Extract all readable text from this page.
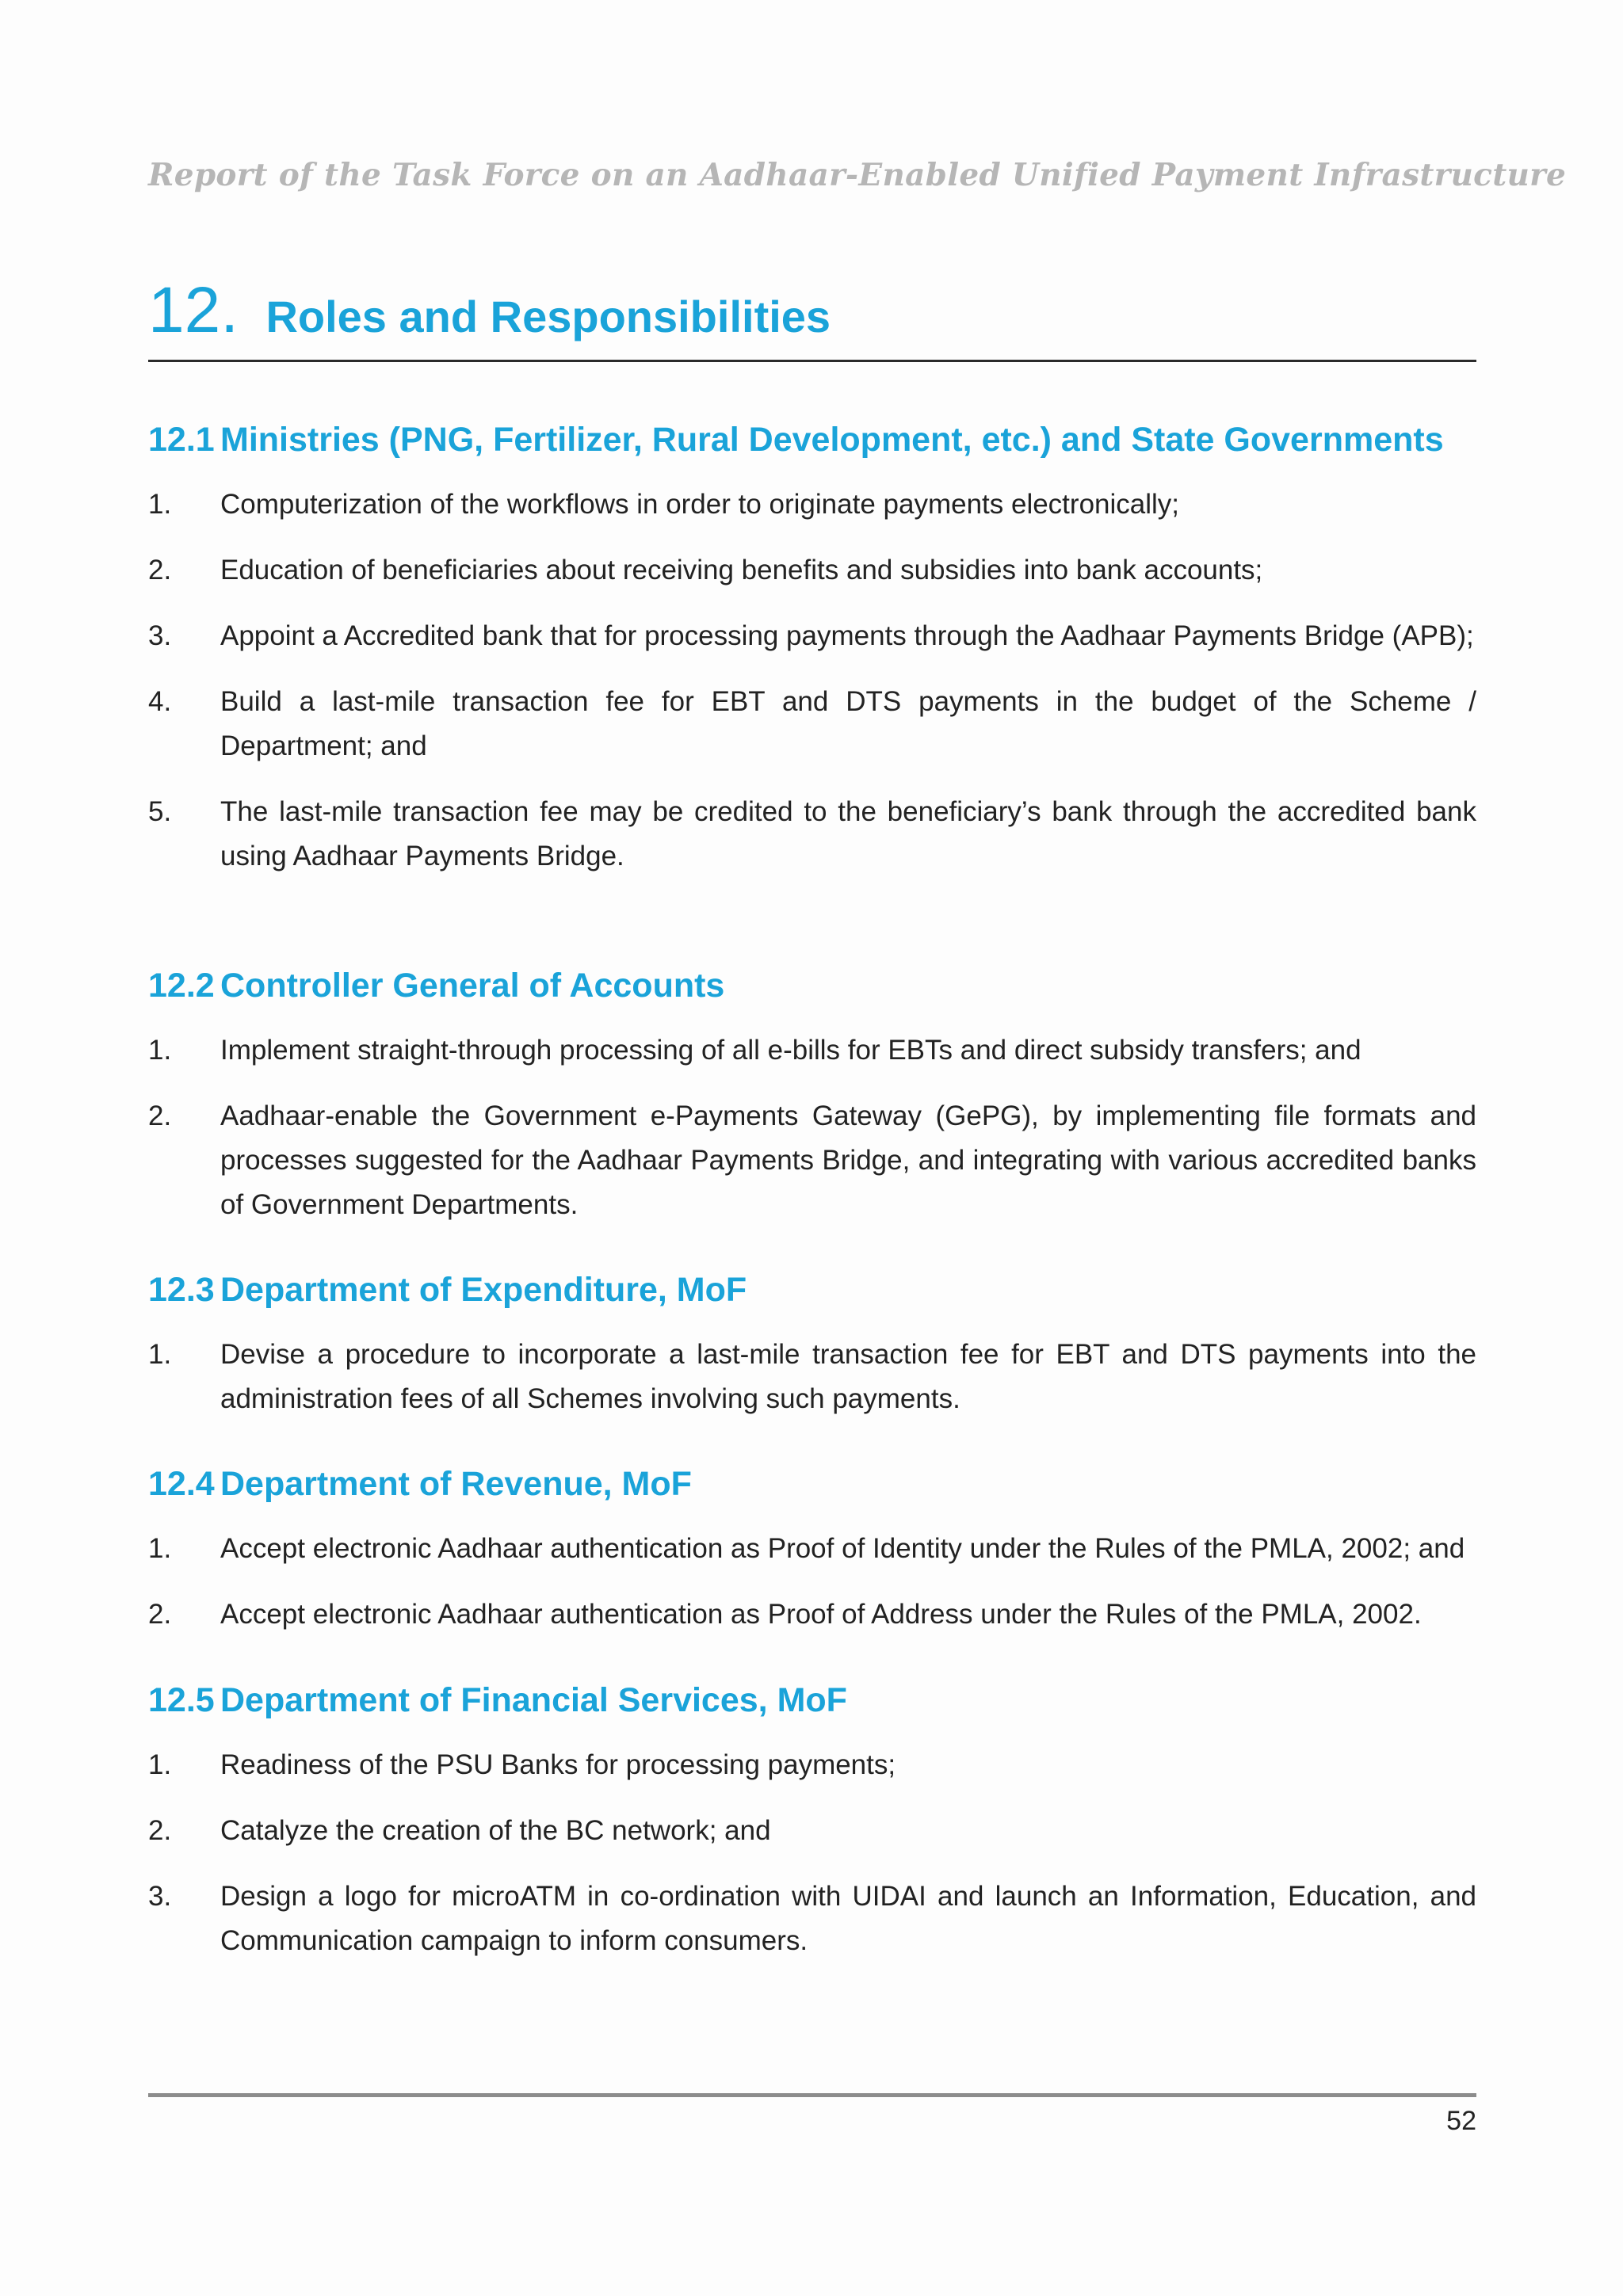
Report of the Task Force on an Aadhaar-Enabled Unified Payment Infrastructure
12. Roles and Responsibilities
12.1 Ministries (PNG, Fertilizer, Rural Development, etc.) and State Governments
1.	Computerization of the workflows in order to originate payments electronically;
2.	Education of beneficiaries about receiving benefits and subsidies into bank accounts;
3.	Appoint a Accredited bank that for processing payments through the Aadhaar Payments Bridge (APB);
4.	Build a last-mile transaction fee for EBT and DTS payments in the budget of the Scheme / Department; and
5.	The last-mile transaction fee may be credited to the beneficiary’s bank through the accredited bank using Aadhaar Payments Bridge.
12.2 Controller General of Accounts
1.	Implement straight-through processing of all e-bills for EBTs and direct subsidy transfers; and
2.	Aadhaar-enable the Government e-Payments Gateway (GePG), by implementing file formats and processes suggested for the Aadhaar Payments Bridge, and integrating with various accredited banks of Government Departments.
12.3 Department of Expenditure, MoF
1.	Devise a procedure to incorporate a last-mile transaction fee for EBT and DTS payments into the administration fees of all Schemes involving such payments.
12.4 Department of Revenue, MoF
1.	Accept electronic Aadhaar authentication as Proof of Identity under the Rules of the PMLA, 2002; and
2.	Accept electronic Aadhaar authentication as Proof of Address under the Rules of the PMLA, 2002.
12.5 Department of Financial Services, MoF
1.	Readiness of the PSU Banks for processing payments;
2.	Catalyze the creation of the BC network; and
3.	Design a logo for microATM in co-ordination with UIDAI and launch an Information, Education, and Communication campaign to inform consumers.
52
